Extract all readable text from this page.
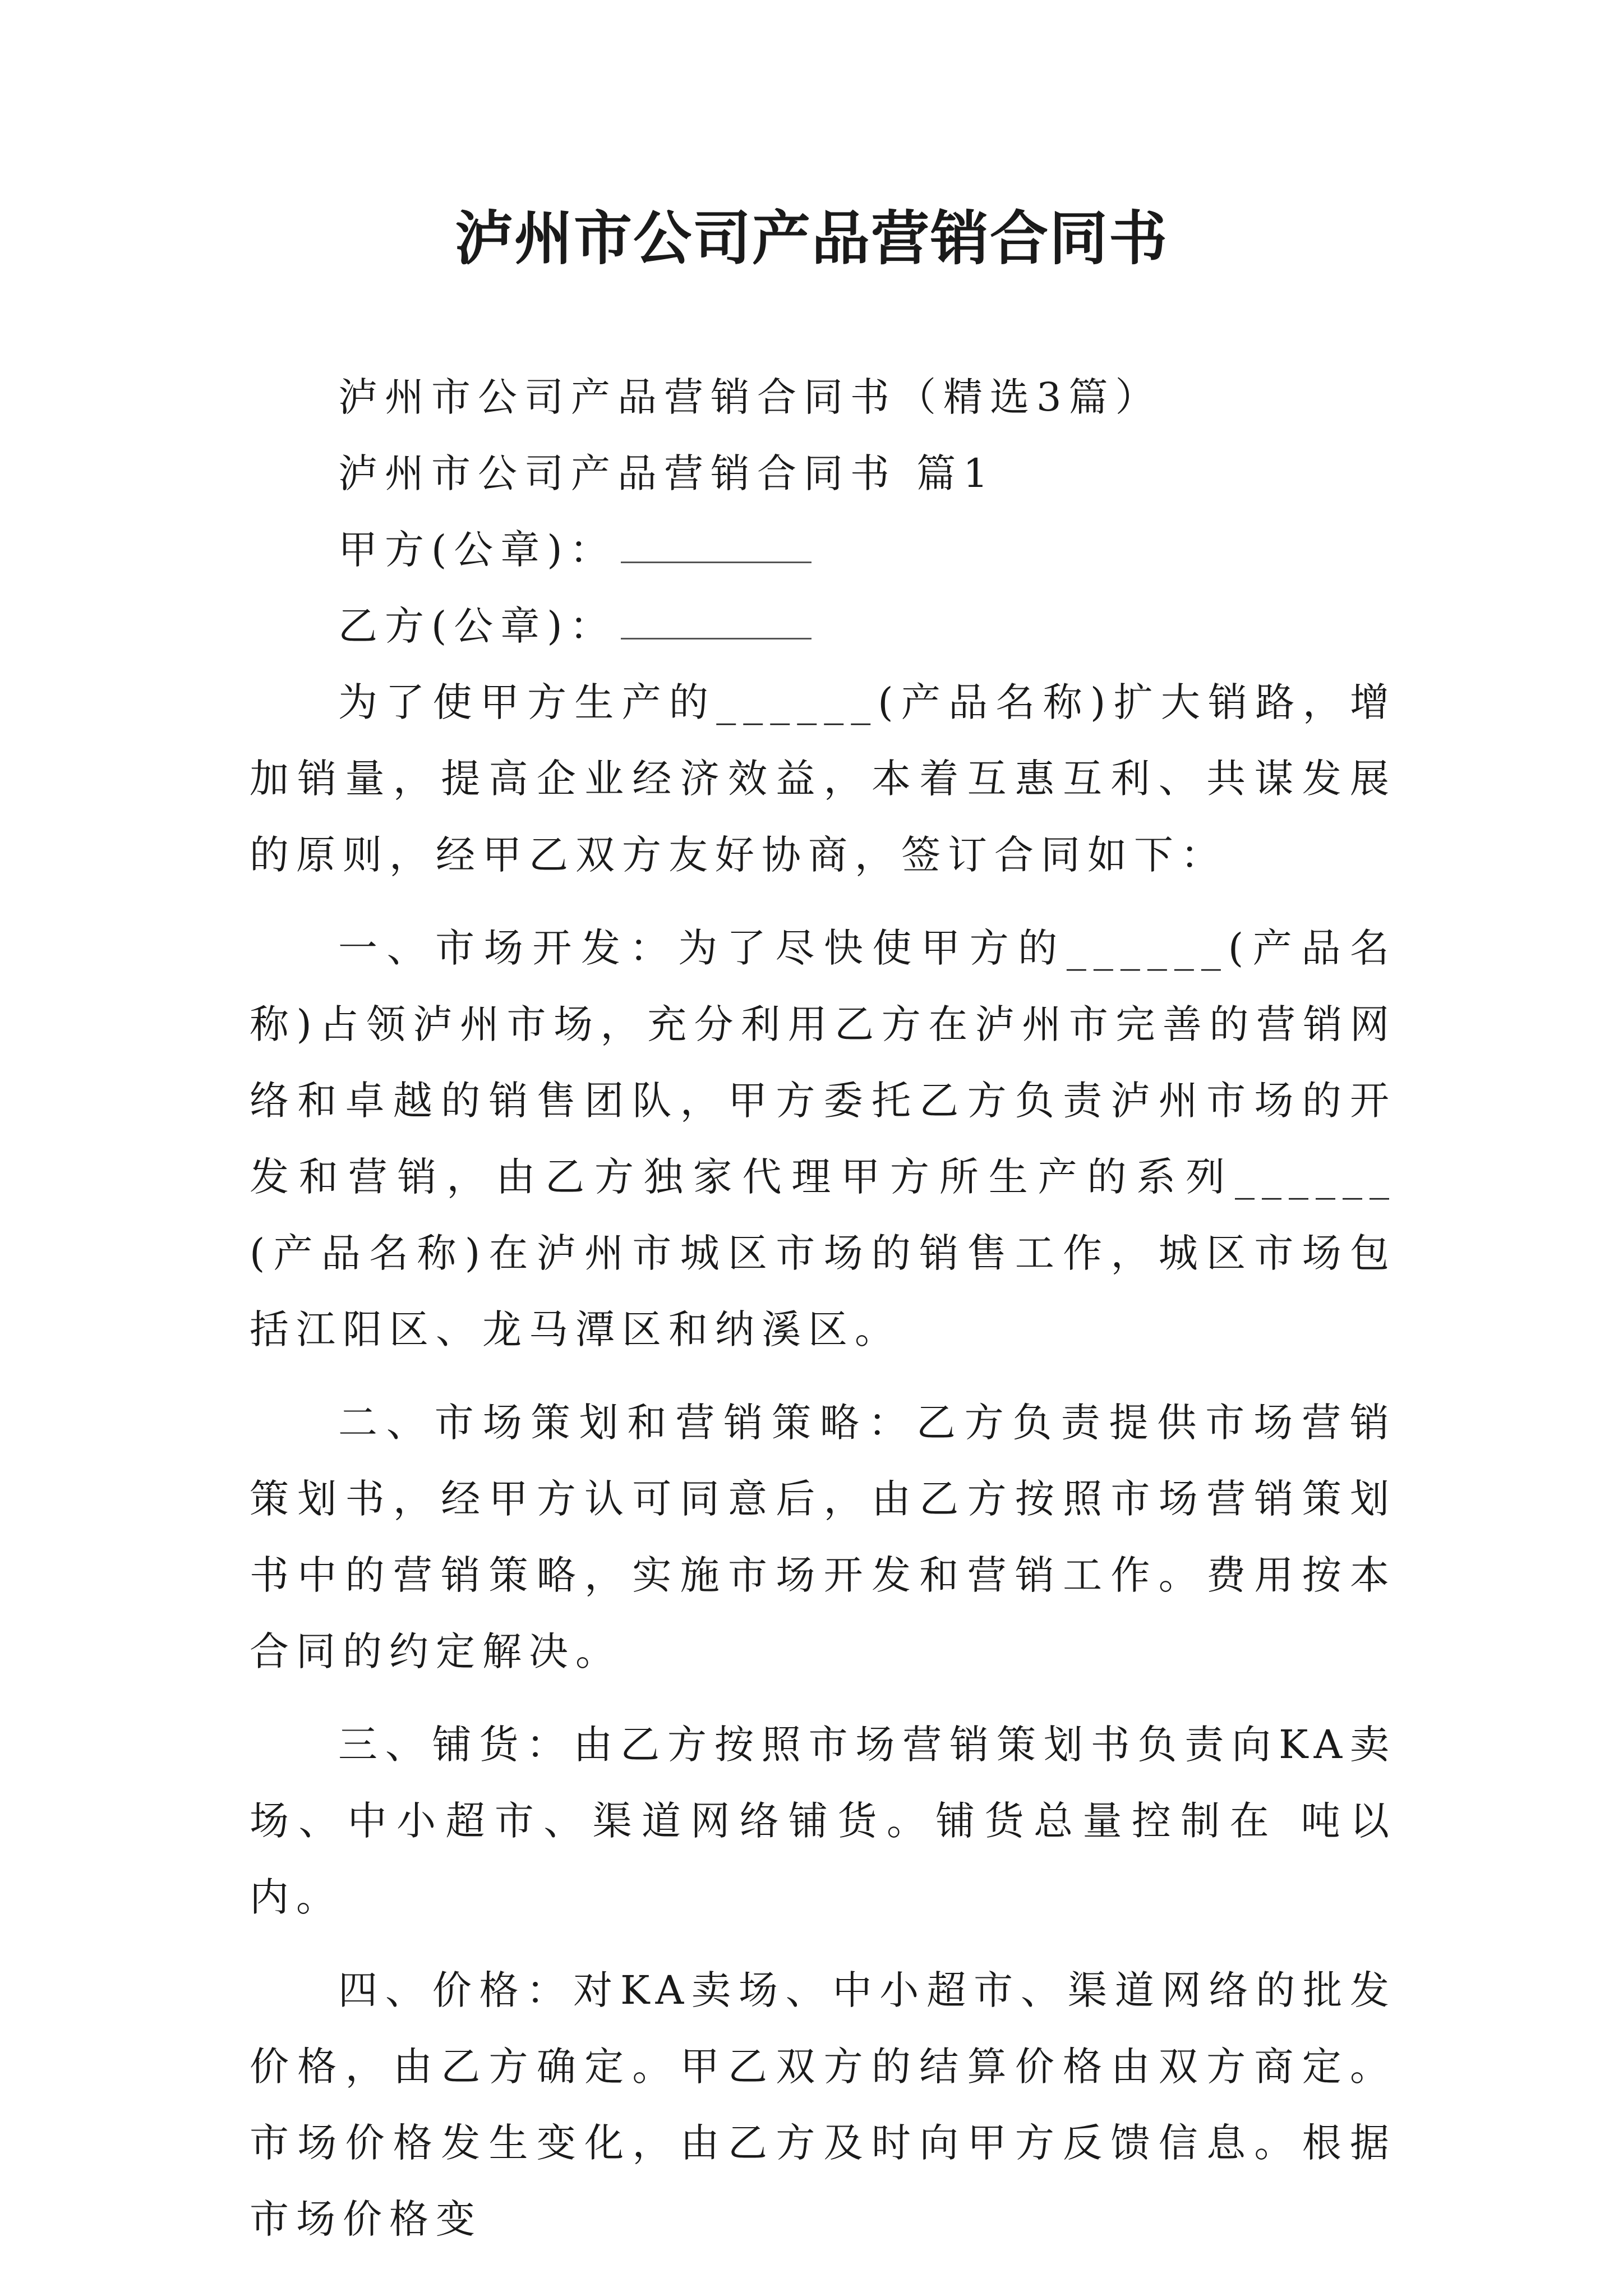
泸州市公司产品营销合同书

泸州市公司产品营销合同书（精选3篇）

泸州市公司产品营销合同书 篇1

甲方(公章)：

乙方(公章)：

为了使甲方生产的______(产品名称)扩大销路，增加销量，提高企业经济效益，本着互惠互利、共谋发展的原则，经甲乙双方友好协商，签订合同如下：

一、市场开发：为了尽快使甲方的______(产品名称)占领泸州市场，充分利用乙方在泸州市完善的营销网络和卓越的销售团队，甲方委托乙方负责泸州市场的开发和营销，由乙方独家代理甲方所生产的系列______(产品名称)在泸州市城区市场的销售工作，城区市场包括江阳区、龙马潭区和纳溪区。

二、市场策划和营销策略：乙方负责提供市场营销策划书，经甲方认可同意后，由乙方按照市场营销策划书中的营销策略，实施市场开发和营销工作。费用按本合同的约定解决。

三、铺货：由乙方按照市场营销策划书负责向KA卖场、中小超市、渠道网络铺货。铺货总量控制在 吨以内。

四、价格：对KA卖场、中小超市、渠道网络的批发价格，由乙方确定。甲乙双方的结算价格由双方商定。市场价格发生变化，由乙方及时向甲方反馈信息。根据市场价格变
